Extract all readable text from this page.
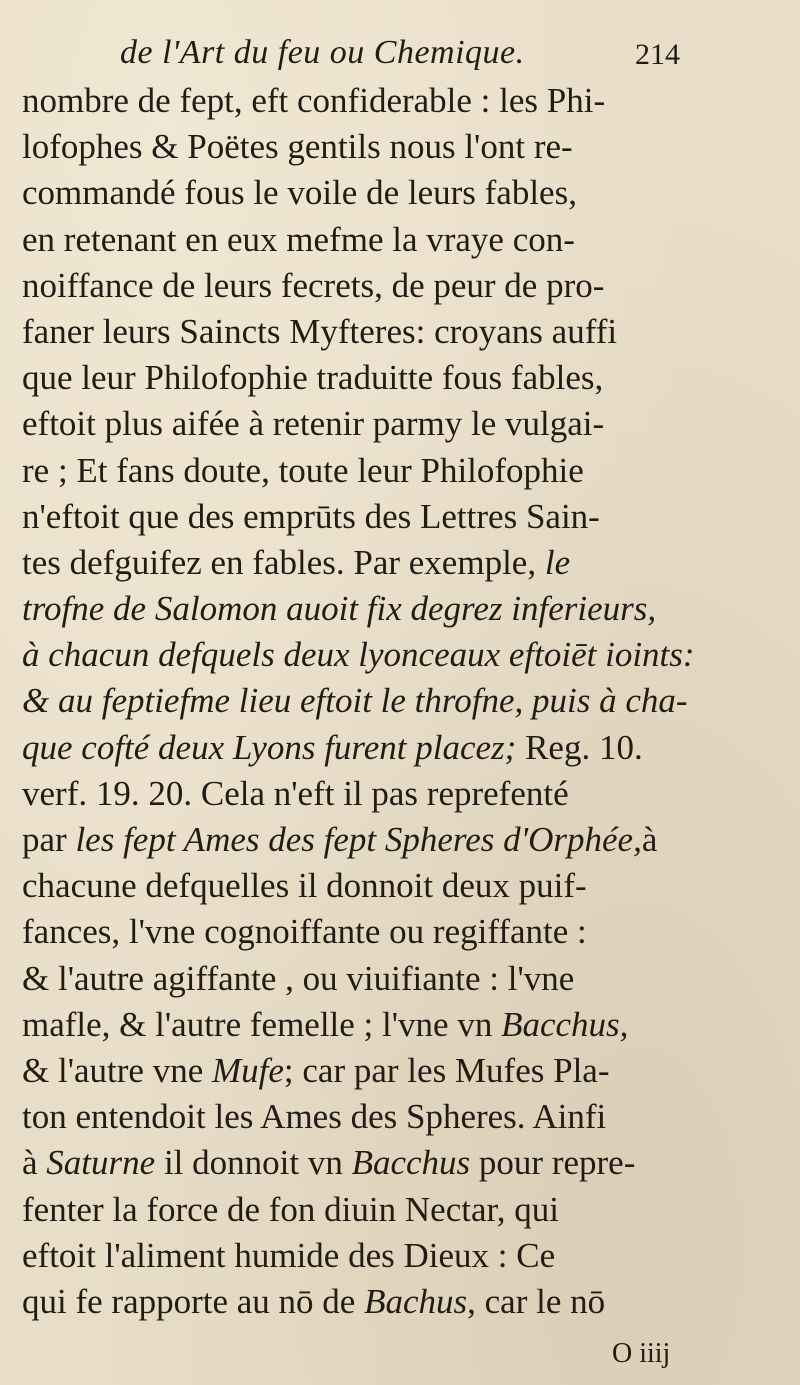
de l'Art du feu ou Chemique.	214
nombre de fept, eft confiderable : les Phi-
lofophes & Poëtes gentils nous l'ont re-
commandé fous le voile de leurs fables,
en retenant en eux mefme la vraye con-
noiffance de leurs fecrets, de peur de pro-
faner leurs Saincts Myfteres: croyans auffi
que leur Philofophie traduitte fous fables,
eftoit plus aifée à retenir parmy le vulgai-
re ; Et fans doute, toute leur Philofophie
n'eftoit que des emprūts des Lettres Sain-
tes defguifez en fables. Par exemple, le
trofne de Salomon auoit fix degrez inferieurs,
à chacun defquels deux lyonceaux eftoiēt ioints:
& au feptiefme lieu eftoit le throfne, puis à cha-
que cofté deux Lyons furent placez; Reg. 10.
verf. 19. 20. Cela n'eft il pas reprefenté
par les fept Ames des fept Spheres d'Orphée,à
chacune defquelles il donnoit deux puif-
fances, l'vne cognoiffante ou regiffante :
& l'autre agiffante , ou viuifiante : l'vne
mafle, & l'autre femelle ; l'vne vn Bacchus,
& l'autre vne Mufe; car par les Mufes Pla-
ton entendoit les Ames des Spheres. Ainfi
à Saturne il donnoit vn Bacchus pour repre-
fenter la force de fon diuin Nectar, qui
eftoit l'aliment humide des Dieux : Ce
qui fe rapporte au nō de Bachus, car le nō
O iiij
